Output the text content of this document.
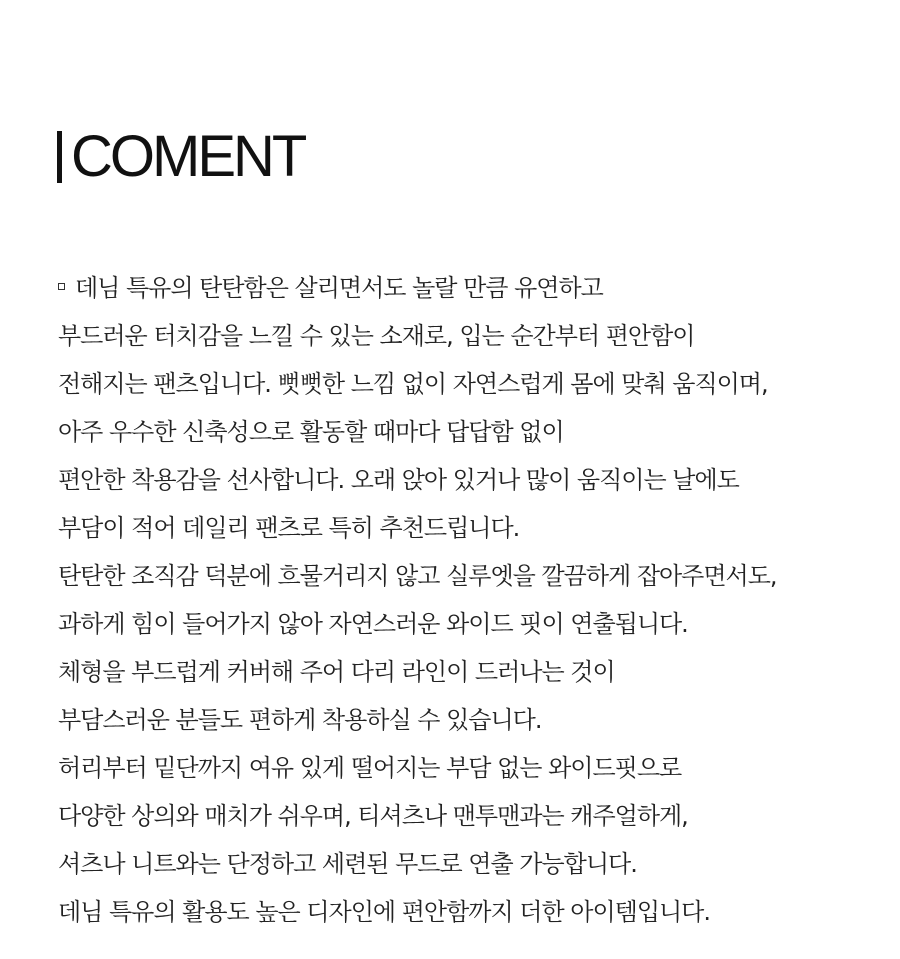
COMENT
데님 특유의 탄탄함은 살리면서도 놀랄 만큼 유연하고
부드러운 터치감을 느낄 수 있는 소재로, 입는 순간부터 편안함이
전해지는 팬츠입니다. 뻣뻣한 느낌 없이 자연스럽게 몸에 맞춰 움직이며,
아주 우수한 신축성으로 활동할 때마다 답답함 없이
편안한 착용감을 선사합니다. 오래 앉아 있거나 많이 움직이는 날에도
부담이 적어 데일리 팬츠로 특히 추천드립니다.
탄탄한 조직감 덕분에 흐물거리지 않고 실루엣을 깔끔하게 잡아주면서도,
과하게 힘이 들어가지 않아 자연스러운 와이드 핏이 연출됩니다.
체형을 부드럽게 커버해 주어 다리 라인이 드러나는 것이
부담스러운 분들도 편하게 착용하실 수 있습니다.
허리부터 밑단까지 여유 있게 떨어지는 부담 없는 와이드핏으로
다양한 상의와 매치가 쉬우며, 티셔츠나 맨투맨과는 캐주얼하게,
셔츠나 니트와는 단정하고 세련된 무드로 연출 가능합니다.
데님 특유의 활용도 높은 디자인에 편안함까지 더한 아이템입니다.
